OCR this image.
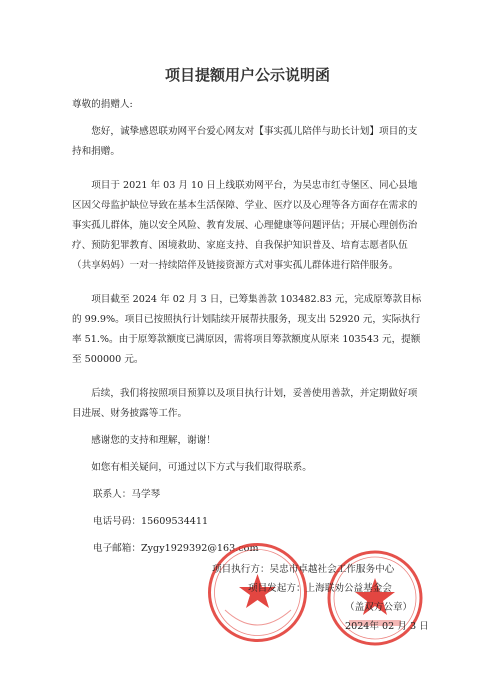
项目提额用户公示说明函

尊敬的捐赠人:

您好，诚挚感恩联劝网平台爱心网友对【事实孤儿陪伴与助长计划】项目的支持和捐赠。

项目于 2021 年 03 月 10 日上线联劝网平台，为吴忠市红寺堡区、同心县地区因父母监护缺位导致在基本生活保障、学业、医疗以及心理等各方面存在需求的事实孤儿群体，施以安全风险、教育发展、心理健康等问题评估；开展心理创伤治疗、预防犯罪教育、困境救助、家庭支持、自我保护知识普及、培育志愿者队伍（共享妈妈）一对一持续陪伴及链接资源方式对事实孤儿群体进行陪伴服务。

项目截至 2024 年 02 月 3 日，已筹集善款 103482.83 元，完成原筹款目标的 99.9%。项目已按照执行计划陆续开展帮扶服务，现支出 52920 元，实际执行率 51.%。由于原筹款额度已满原因，需将项目筹款额度从原来 103543 元，提额至 500000 元。

后续，我们将按照项目预算以及项目执行计划，妥善使用善款，并定期做好项目进展、财务披露等工作。

感谢您的支持和理解，谢谢！

如您有相关疑问，可通过以下方式与我们取得联系。

联系人：马学琴

电话号码：15609534411

电子邮箱：Zygy1929392@163.com

项目执行方：吴忠市卓越社会工作服务中心
项目发起方：上海联劝公益基金会
（盖双方公章）
2024年 02 月 3 日
